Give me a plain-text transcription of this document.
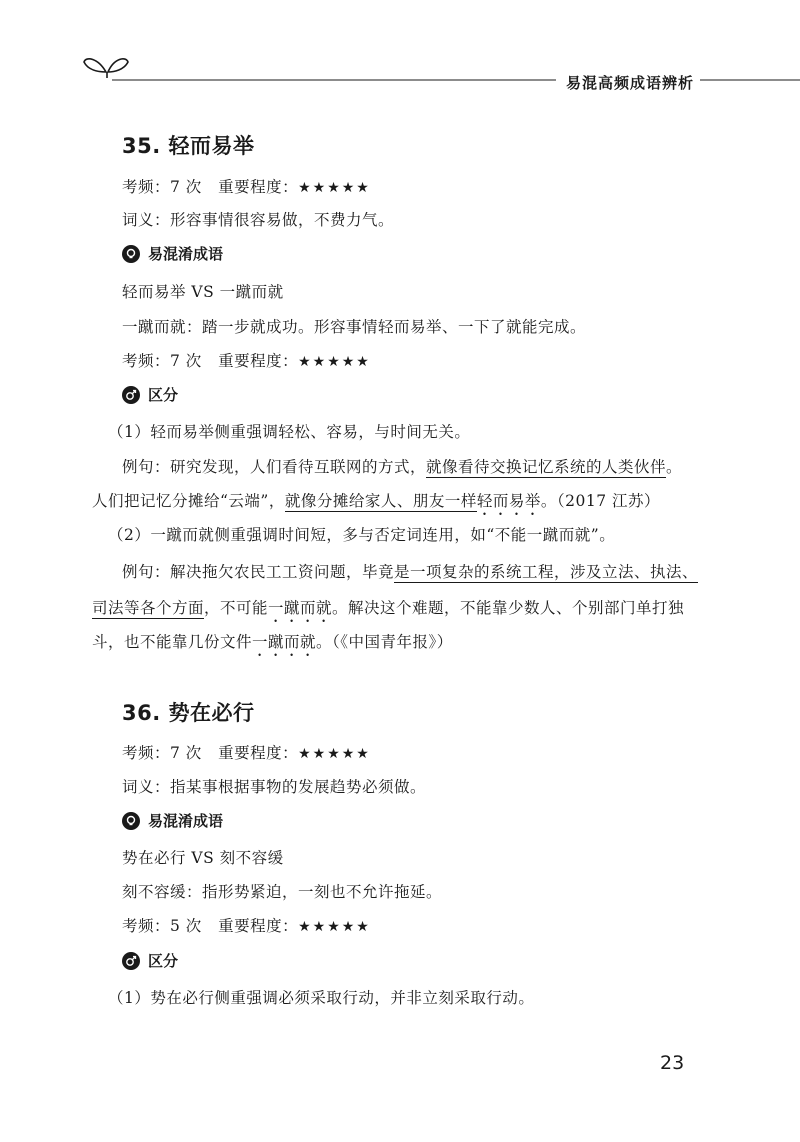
易混高频成语辨析
35. 轻而易举
考频：7 次 重要程度：★★★★★
词义：形容事情很容易做，不费力气。
易混淆成语
轻而易举 VS 一蹴而就
一蹴而就：踏一步就成功。形容事情轻而易举、一下了就能完成。
考频：7 次 重要程度：★★★★★
区分
（1）轻而易举侧重强调轻松、容易，与时间无关。
例句：研究发现，人们看待互联网的方式，就像看待交换记忆系统的人类伙伴。
人们把记忆分摊给“云端”，就像分摊给家人、朋友一样轻而易举。（2017 江苏）
（2）一蹴而就侧重强调时间短，多与否定词连用，如“不能一蹴而就”。
例句：解决拖欠农民工工资问题，毕竟是一项复杂的系统工程，涉及立法、执法、
司法等各个方面，不可能一蹴而就。解决这个难题，不能靠少数人、个别部门单打独
斗，也不能靠几份文件一蹴而就。（《中国青年报》）
36. 势在必行
考频：7 次 重要程度：★★★★★
词义：指某事根据事物的发展趋势必须做。
易混淆成语
势在必行 VS 刻不容缓
刻不容缓：指形势紧迫，一刻也不允许拖延。
考频：5 次 重要程度：★★★★★
区分
（1）势在必行侧重强调必须采取行动，并非立刻采取行动。
23
